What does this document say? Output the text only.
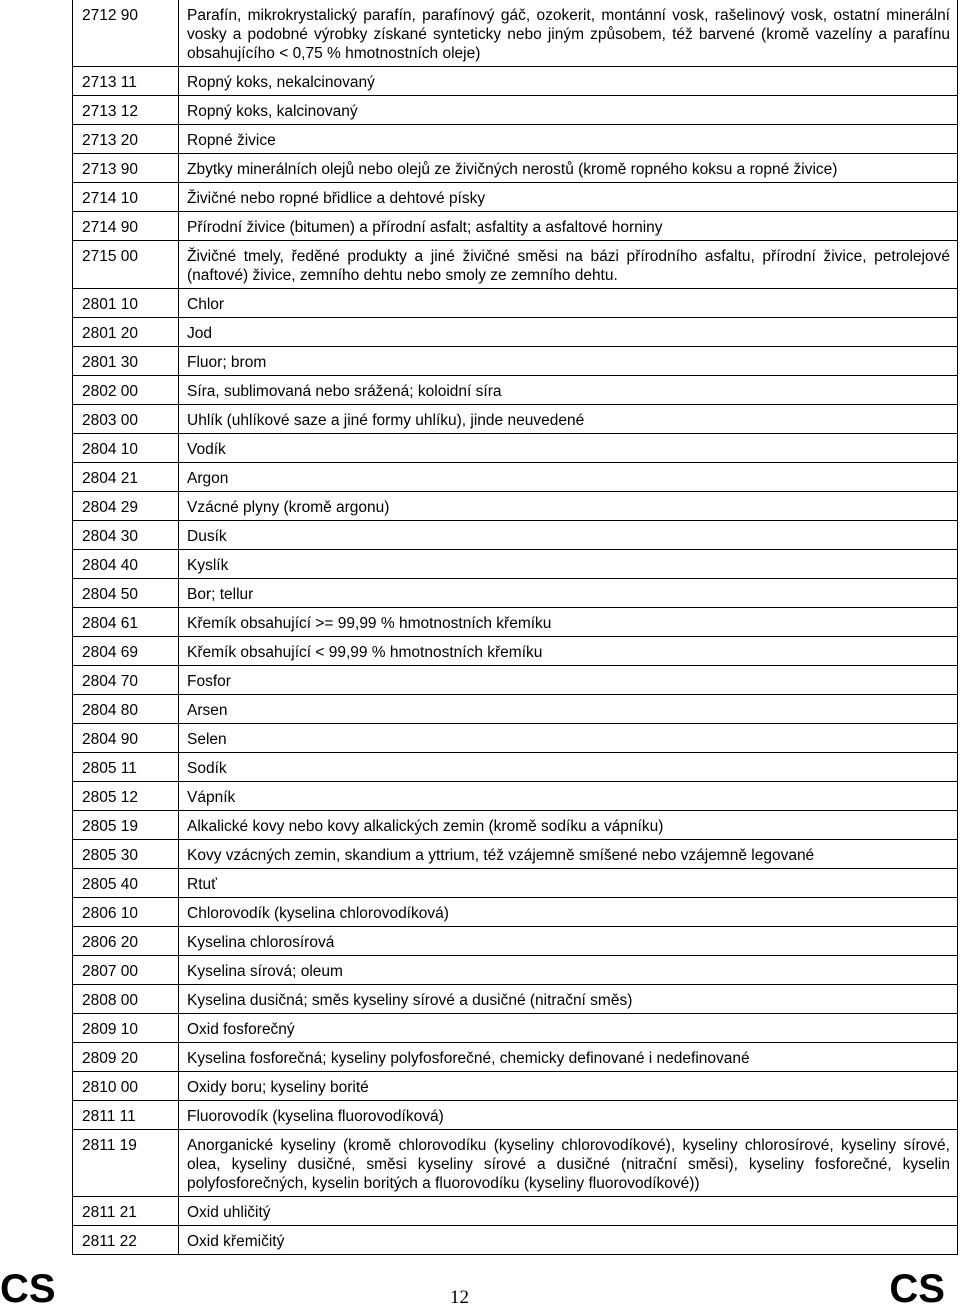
2712 90	Parafín, mikrokrystalický parafín, parafínový gáč, ozokerit, montánní vosk, rašelinový vosk, ostatní minerální vosky a podobné výrobky získané synteticky nebo jiným způsobem, též barvené (kromě vazelíny a parafínu obsahujícího < 0,75 % hmotnostních oleje)
2713 11	Ropný koks, nekalcinovaný
2713 12	Ropný koks, kalcinovaný
2713 20	Ropné živice
2713 90	Zbytky minerálních olejů nebo olejů ze živičných nerostů (kromě ropného koksu a ropné živice)
2714 10	Živičné nebo ropné břidlice a dehtové písky
2714 90	Přírodní živice (bitumen) a přírodní asfalt; asfaltity a asfaltové horniny
2715 00	Živičné tmely, ředěné produkty a jiné živičné směsi na bázi přírodního asfaltu, přírodní živice, petrolejové (naftové) živice, zemního dehtu nebo smoly ze zemního dehtu.
2801 10	Chlor
2801 20	Jod
2801 30	Fluor; brom
2802 00	Síra, sublimovaná nebo srážená; koloidní síra
2803 00	Uhlík (uhlíkové saze a jiné formy uhlíku), jinde neuvedené
2804 10	Vodík
2804 21	Argon
2804 29	Vzácné plyny (kromě argonu)
2804 30	Dusík
2804 40	Kyslík
2804 50	Bor; tellur
2804 61	Křemík obsahující >= 99,99 % hmotnostních křemíku
2804 69	Křemík obsahující < 99,99 % hmotnostních křemíku
2804 70	Fosfor
2804 80	Arsen
2804 90	Selen
2805 11	Sodík
2805 12	Vápník
2805 19	Alkalické kovy nebo kovy alkalických zemin (kromě sodíku a vápníku)
2805 30	Kovy vzácných zemin, skandium a yttrium, též vzájemně smíšené nebo vzájemně legované
2805 40	Rtuť
2806 10	Chlorovodík (kyselina chlorovodíková)
2806 20	Kyselina chlorosírová
2807 00	Kyselina sírová; oleum
2808 00	Kyselina dusičná; směs kyseliny sírové a dusičné (nitrační směs)
2809 10	Oxid fosforečný
2809 20	Kyselina fosforečná; kyseliny polyfosforečné, chemicky definované i nedefinované
2810 00	Oxidy boru; kyseliny borité
2811 11	Fluorovodík (kyselina fluorovodíková)
2811 19	Anorganické kyseliny (kromě chlorovodíku (kyseliny chlorovodíkové), kyseliny chlorosírové, kyseliny sírové, olea, kyseliny dusičné, směsi kyseliny sírové a dusičné (nitrační směsi), kyseliny fosforečné, kyselin polyfosforečných, kyselin boritých a fluorovodíku (kyseliny fluorovodíkové))
2811 21	Oxid uhličitý
2811 22	Oxid křemičitý
CS	12	CS
